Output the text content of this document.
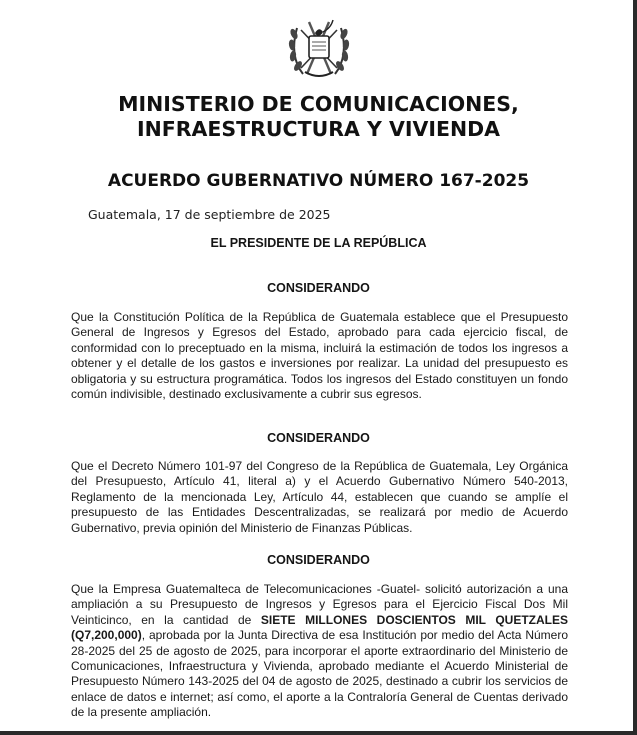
MINISTERIO DE COMUNICACIONES,
INFRAESTRUCTURA Y VIVIENDA
ACUERDO GUBERNATIVO NÚMERO 167-2025
Guatemala, 17 de septiembre de 2025
EL PRESIDENTE DE LA REPÚBLICA
CONSIDERANDO

Que la Constitución Política de la República de Guatemala establece que el Presupuesto General de Ingresos y Egresos del Estado, aprobado para cada ejercicio fiscal, de conformidad con lo preceptuado en la misma, incluirá la estimación de todos los ingresos a obtener y el detalle de los gastos e inversiones por realizar. La unidad del presupuesto es obligatoria y su estructura programática. Todos los ingresos del Estado constituyen un fondo común indivisible, destinado exclusivamente a cubrir sus egresos.

CONSIDERANDO

Que el Decreto Número 101-97 del Congreso de la República de Guatemala, Ley Orgánica del Presupuesto, Artículo 41, literal a) y el Acuerdo Gubernativo Número 540-2013, Reglamento de la mencionada Ley, Artículo 44, establecen que cuando se amplíe el presupuesto de las Entidades Descentralizadas, se realizará por medio de Acuerdo Gubernativo, previa opinión del Ministerio de Finanzas Públicas.

CONSIDERANDO

Que la Empresa Guatemalteca de Telecomunicaciones -Guatel- solicitó autorización a una ampliación a su Presupuesto de Ingresos y Egresos para el Ejercicio Fiscal Dos Mil Veinticinco, en la cantidad de SIETE MILLONES DOSCIENTOS MIL QUETZALES (Q7,200,000), aprobada por la Junta Directiva de esa Institución por medio del Acta Número 28-2025 del 25 de agosto de 2025, para incorporar el aporte extraordinario del Ministerio de Comunicaciones, Infraestructura y Vivienda, aprobado mediante el Acuerdo Ministerial de Presupuesto Número 143-2025 del 04 de agosto de 2025, destinado a cubrir los servicios de enlace de datos e internet; así como, el aporte a la Contraloría General de Cuentas derivado de la presente ampliación.
